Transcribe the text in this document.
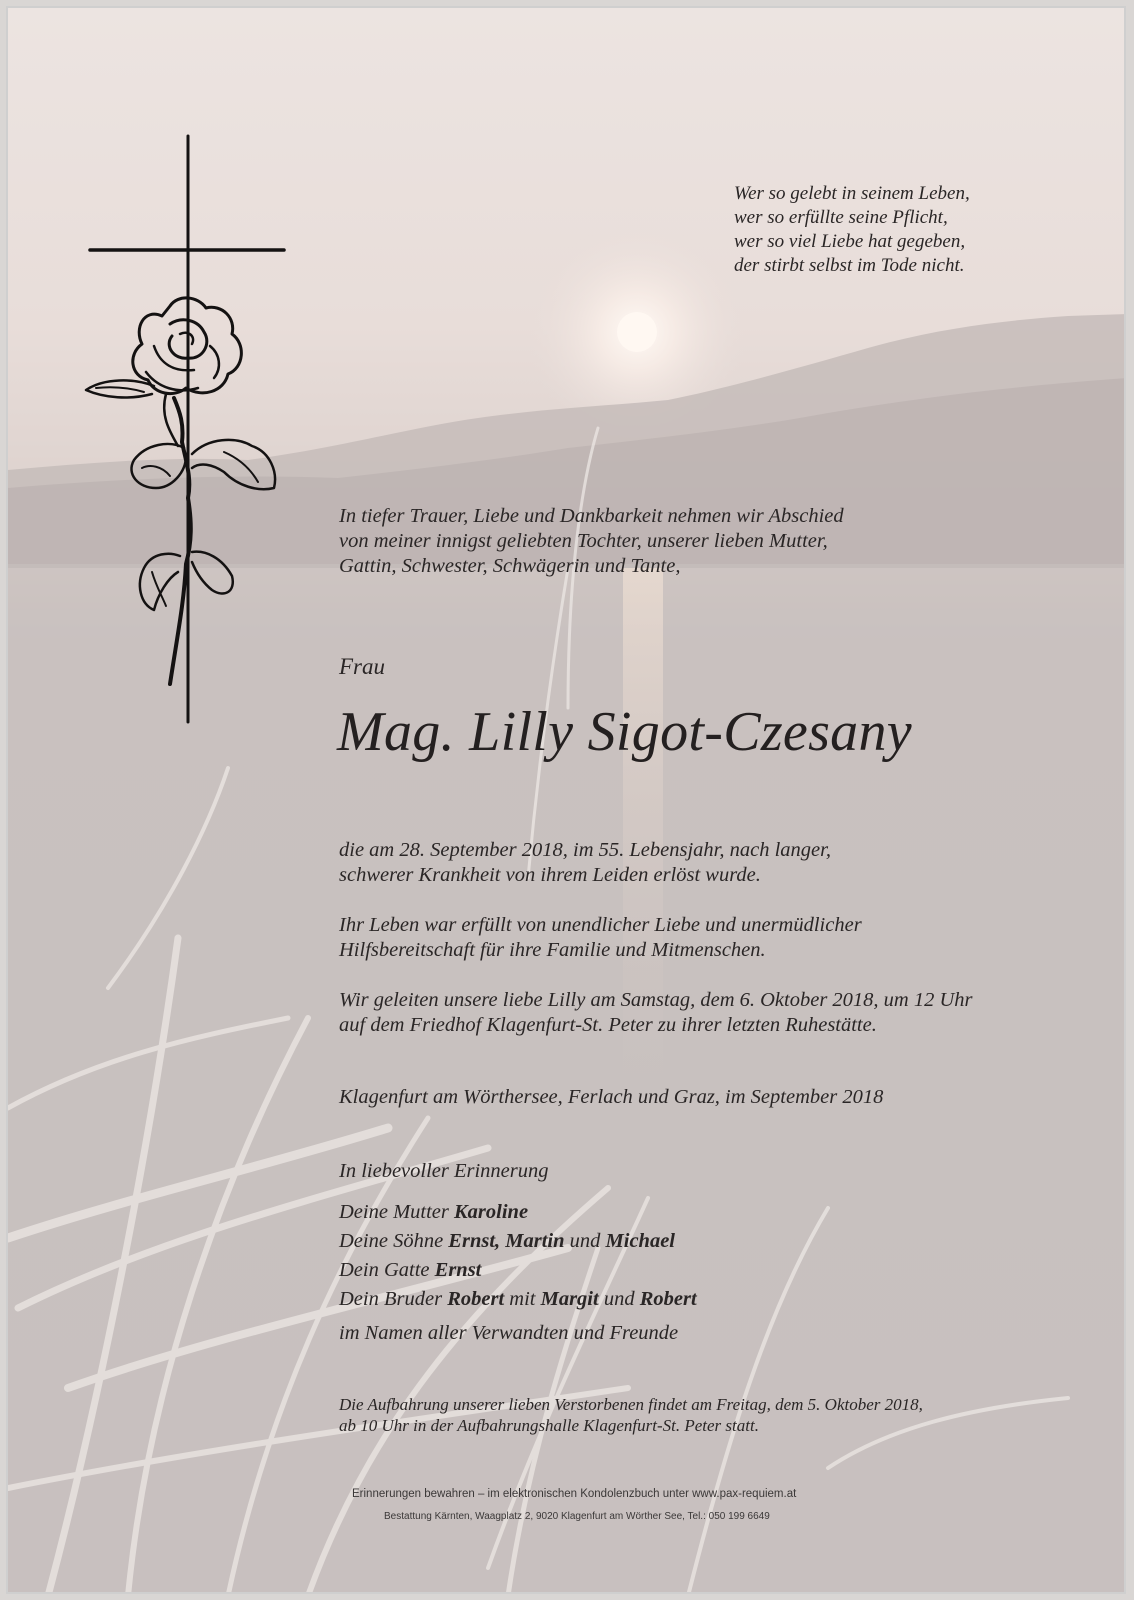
Wer so gelebt in seinem Leben,
wer so erfüllte seine Pflicht,
wer so viel Liebe hat gegeben,
der stirbt selbst im Tode nicht.
In tiefer Trauer, Liebe und Dankbarkeit nehmen wir Abschied
von meiner innigst geliebten Tochter, unserer lieben Mutter,
Gattin, Schwester, Schwägerin und Tante,
Frau
Mag. Lilly Sigot-Czesany
die am 28. September 2018, im 55. Lebensjahr, nach langer,
schwerer Krankheit von ihrem Leiden erlöst wurde.
Ihr Leben war erfüllt von unendlicher Liebe und unermüdlicher
Hilfsbereitschaft für ihre Familie und Mitmenschen.
Wir geleiten unsere liebe Lilly am Samstag, dem 6. Oktober 2018, um 12 Uhr
auf dem Friedhof Klagenfurt-St. Peter zu ihrer letzten Ruhestätte.
Klagenfurt am Wörthersee, Ferlach und Graz, im September 2018
In liebevoller Erinnerung
Deine Mutter Karoline
Deine Söhne Ernst, Martin und Michael
Dein Gatte Ernst
Dein Bruder Robert mit Margit und Robert
im Namen aller Verwandten und Freunde
Die Aufbahrung unserer lieben Verstorbenen findet am Freitag, dem 5. Oktober 2018,
ab 10 Uhr in der Aufbahrungshalle Klagenfurt-St. Peter statt.
Erinnerungen bewahren – im elektronischen Kondolenzbuch unter www.pax-requiem.at
Bestattung Kärnten, Waagplatz 2, 9020 Klagenfurt am Wörther See, Tel.: 050 199 6649
